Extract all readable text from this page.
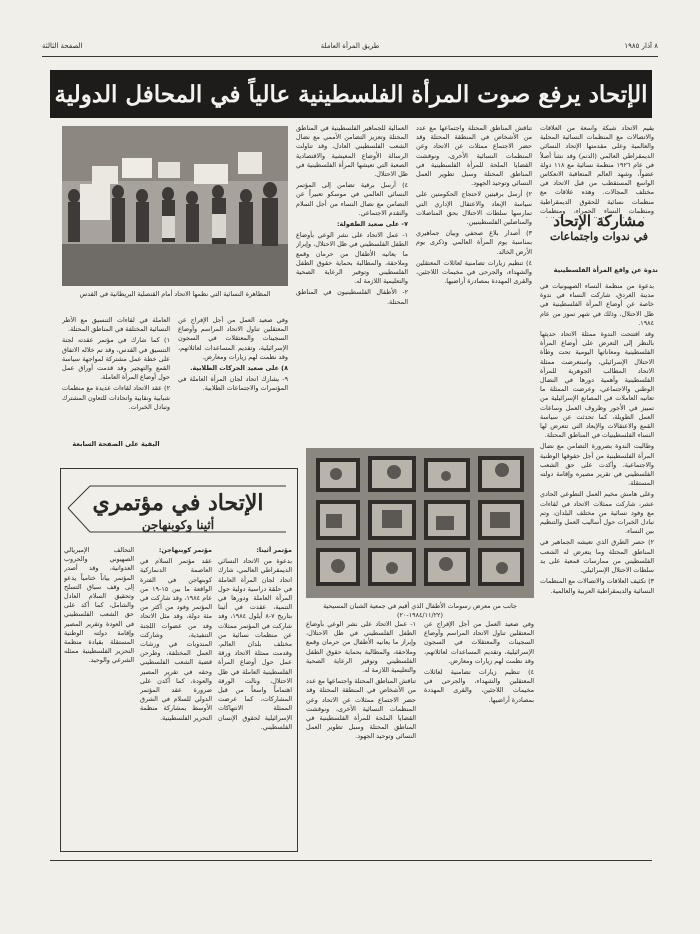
٨ آذار ١٩٨٥
طريق المرأة العاملة
الصفحة الثالثة
الإتحاد يرفع صوت المرأة الفلسطينية عالياً في المحافل الدولية

يقيم الاتحاد شبكة واسعة من العلاقات والاتصالات مع المنظمات النسائية المحلية والعالمية وعلى مقدمتها الإتحاد النسائي الديمقراطي العالمي (الدنم) وقد نشأ أصلاً في عام ١٩٢٦ منظمة نسائية مع ١١٨ دولة عضواً، وشهد العالم المتعاقبة الانعكاس الواسع المستقطب من قبل الاتحاد في مختلف المجالات. وهذه علاقات مع منظمات نسائية للحقوق الديمقراطية ومنظمات النساء الحمراء، ومنظمات

مشاركة الإتحاد
في ندوات واجتماعات
ندوة عن واقع المرأة الفلسطينية

بدعوة من منظمة النساء الصهيونيات في مدينة الغردق، شاركت النساء في ندوة خاصة عن أوضاع المرأة الفلسطينية في ظل الاحتلال، وذلك في شهر تموز من عام ١٩٨٤.

وقد افتتحت الندوة ممثلة الاتحاد حديثها بالنظر إلى التعرض على أوضاع المرأة الفلسطينية ومعاناتها اليومية تحت وطأة الاحتلال الإسرائيلي، واستعرضت ممثلة الاتحاد المطالب الجوهرية للمرأة الفلسطينية وأهمية دورها في النضال الوطني والاجتماعي، وعرضت الممثلة ما تعانيه العاملات في المصانع الإسرائيلية من تمييز في الأجور وظروف العمل وساعات العمل الطويلة، كما تحدثت عن سياسة القمع والاعتقالات والإبعاد التي تتعرض لها النساء الفلسطينيات في المناطق المحتلة.

وطالبت الندوة بضرورة التضامن مع نضال المرأة الفلسطينية من أجل حقوقها الوطنية والاجتماعية، وأكدت على حق الشعب الفلسطيني في تقرير مصيره وإقامة دولته المستقلة.

وعلى هامش مخيم العمل التطوعي الحادي عشر، شاركت ممثلات الاتحاد في لقاءات مع وفود نسائية من مختلف البلدان، وتم تبادل الخبرات حول أساليب العمل والتنظيم بين النساء.

٢) حصر الطرق الذي تعيشه الجماهير في المناطق المحتلة وما يتعرض له الشعب الفلسطيني من ممارسات قمعية على يد سلطات الاحتلال الإسرائيلي.

٣) تكثيف العلاقات والاتصالات مع المنظمات النسائية والديمقراطية العربية والعالمية.

تناقش المناطق المحتلة واجتماعها مع عدد من الأشخاص في المنطقة المحتلة وقد حضر الاجتماع ممثلات عن الاتحاد وعن المنظمات النسائية الأخرى، ونوقشت القضايا الملحة للمرأة الفلسطينية في المناطق المحتلة وسبل تطوير العمل النسائي وتوحيد الجهود.

٢) أرسل برقيتين لاحتجاج الحكومتين على سياسة الإبعاد والاعتقال الإداري التي تمارسها سلطات الاحتلال بحق المناضلات والمناضلين الفلسطينيين.

٣) أصدار بلاغ صحفي وبيان جماهيري بمناسبة يوم المرأة العالمي وذكرى يوم الأرض الخالد.

٤) تنظيم زيارات تضامنية لعائلات المعتقلين والشهداء، والجرحى في مخيمات اللاجئين، والقرى المهددة بمصادرة أراضيها.

العمالية للجماهير الفلسطينية في المناطق المحتلة وتعزيز التضامن الأممي مع نضال الشعب الفلسطيني العادل، وقد تناولت الرسالة الأوضاع المعيشية والاقتصادية الصعبة التي تعيشها المرأة الفلسطينية في ظل الاحتلال.

٤) أرسل برقية تضامن إلى المؤتمر النسائي العالمي في موسكو تعبيراً عن التضامن مع نضال النساء من أجل السلام والتقدم الاجتماعي.

٧- على صعيد الطفولة:

١- عمل الاتحاد على نشر الوعي بأوضاع الطفل الفلسطيني في ظل الاحتلال، وإبراز ما يعانيه الأطفال من حرمان وقمع وملاحقة، والمطالبة بحماية حقوق الطفل الفلسطيني وتوفير الرعاية الصحية والتعليمية اللازمة له.

٢- الأطفال الفلسطينيون في المناطق المحتلة.

المظاهرة النسائية التي نظمها الاتحاد أمام القنصلية البريطانية في القدس

العاملة في لقاءات التنسيق مع الأطر النسائية المختلفة في المناطق المحتلة.

١) كما شارك في مؤتمر عقدته لجنة التنسيق في القدس، وقد تم خلاله الاتفاق على خطة عمل مشتركة لمواجهة سياسة القمع والتهجير وقد قدمت أوراق عمل حول أوضاع المرأة العاملة.

٢) عقد الاتحاد لقاءات عديدة مع منظمات شبابية ونقابية واتحادات للتعاون المشترك وتبادل الخبرات.

وفي صعيد العمل من أجل الإفراج عن المعتقلين تناول الاتحاد المراسم وأوضاع السجينات والمعتقلات في السجون الإسرائيلية، وتقديم المساعدات لعائلاتهم، وقد نظمت لهم زيارات ومعارض.

٨) على صعيد الحركات الطلابية.

٩- يشارك اتحاد لجان المرأة العاملة في المؤتمرات والاجتماعات الطلابية.

البقية على الصفحة السابعة
جانب من معرض رسومات الأطفال الذي أقيم في جمعية الشبان المسيحية (١٩٨٤/١١/٢٢-٢٠)
الإتحاد في مؤتمري
أثينا وكوبنهاجن

مؤتمر أثينا:

بدعوة من الاتحاد النسائي الديمقراطي العالمي، شارك اتحاد لجان المرأة العاملة في حلقة دراسية دولية حول المرأة العاملة ودورها في التنمية، عقدت في أثينا بتاريخ ٧-٨ أيلول ١٩٨٤، وقد شاركت في المؤتمر ممثلات عن منظمات نسائية من مختلف بلدان العالم، وقدمت ممثلة الاتحاد ورقة عمل حول أوضاع المرأة الفلسطينية العاملة في ظل الاحتلال، ونالت الورقة اهتماماً واسعاً من قبل المشاركات، كما عرضت الممثلة الانتهاكات الإسرائيلية لحقوق الإنسان الفلسطيني.

مؤتمر كوبنهاجن:

عقد مؤتمر السلام في العاصمة الدنماركية كوبنهاجن في الفترة الواقعة ما بين ١٥-١٩ من عام ١٩٨٤، وقد شاركت في المؤتمر وفود من أكثر من مئة دولة، وقد مثل الاتحاد وفد من عضوات اللجنة التنفيذية، وشاركت المندوبات في ورشات العمل المختلفة، وطرحن قضية الشعب الفلسطيني وحقه في تقرير المصير والعودة، كما أكدن على ضرورة عقد المؤتمر الدولي للسلام في الشرق الأوسط بمشاركة منظمة التحرير الفلسطينية.

التحالف الإمبريالي الصهيوني والحروب العدوانية، وقد أصدر المؤتمر بياناً ختامياً يدعو إلى وقف سباق التسلح وتحقيق السلام العادل والشامل، كما أكد على حق الشعب الفلسطيني في العودة وتقرير المصير وإقامة دولته الوطنية المستقلة بقيادة منظمة التحرير الفلسطينية ممثله الشرعي والوحيد.

١- عمل الاتحاد على نشر الوعي بأوضاع الطفل الفلسطيني في ظل الاحتلال، وإبراز ما يعانيه الأطفال من حرمان وقمع وملاحقة، والمطالبة بحماية حقوق الطفل الفلسطيني وتوفير الرعاية الصحية والتعليمية اللازمة له.

تناقش المناطق المحتلة واجتماعها مع عدد من الأشخاص في المنطقة المحتلة وقد حضر الاجتماع ممثلات عن الاتحاد وعن المنظمات النسائية الأخرى، ونوقشت القضايا الملحة للمرأة الفلسطينية في المناطق المحتلة وسبل تطوير العمل النسائي وتوحيد الجهود.

وفي صعيد العمل من أجل الإفراج عن المعتقلين تناول الاتحاد المراسم وأوضاع السجينات والمعتقلات في السجون الإسرائيلية، وتقديم المساعدات لعائلاتهم، وقد نظمت لهم زيارات ومعارض.

٤) تنظيم زيارات تضامنية لعائلات المعتقلين والشهداء، والجرحى في مخيمات اللاجئين، والقرى المهددة بمصادرة أراضيها.
